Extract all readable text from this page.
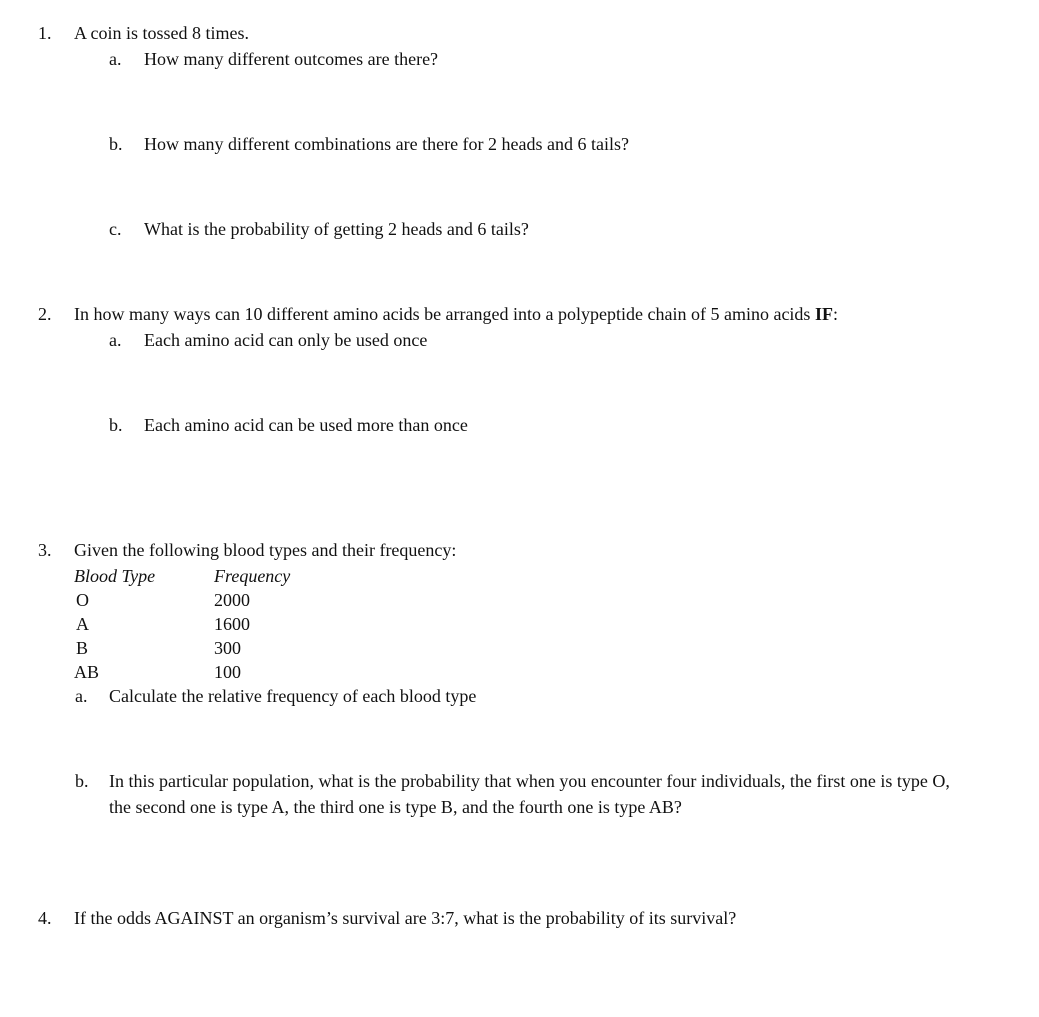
1. A coin is tossed 8 times.
a. How many different outcomes are there?
b. How many different combinations are there for 2 heads and 6 tails?
c. What is the probability of getting 2 heads and 6 tails?
2. In how many ways can 10 different amino acids be arranged into a polypeptide chain of 5 amino acids IF:
a. Each amino acid can only be used once
b. Each amino acid can be used more than once
3. Given the following blood types and their frequency:
Blood Type	Frequency
O	2000
A	1600
B	300
AB	100
a. Calculate the relative frequency of each blood type
b. In this particular population, what is the probability that when you encounter four individuals, the first one is type O,
the second one is type A, the third one is type B, and the fourth one is type AB?
4. If the odds AGAINST an organism’s survival are 3:7, what is the probability of its survival?
